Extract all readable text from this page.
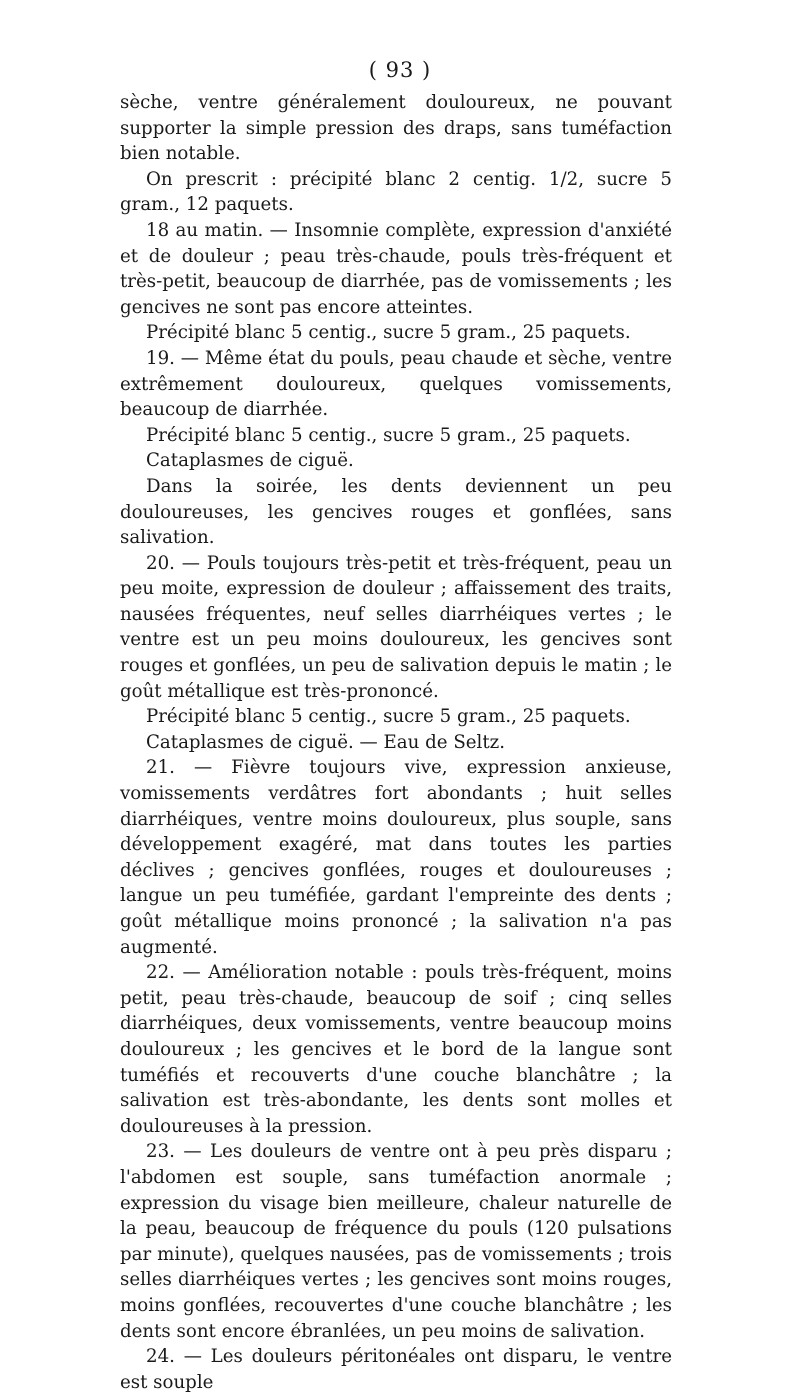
( 93 )

sèche, ventre généralement douloureux, ne pouvant supporter la simple pression des draps, sans tuméfaction bien notable.

On prescrit : précipité blanc 2 centig. 1/2, sucre 5 gram., 12 paquets.

18 au matin. — Insomnie complète, expression d'anxiété et de douleur ; peau très-chaude, pouls très-fréquent et très-petit, beaucoup de diarrhée, pas de vomissements ; les gencives ne sont pas encore atteintes.

Précipité blanc 5 centig., sucre 5 gram., 25 paquets.

19. — Même état du pouls, peau chaude et sèche, ventre extrêmement douloureux, quelques vomissements, beaucoup de diarrhée.

Précipité blanc 5 centig., sucre 5 gram., 25 paquets.

Cataplasmes de ciguë.

Dans la soirée, les dents deviennent un peu douloureuses, les gencives rouges et gonflées, sans salivation.

20. — Pouls toujours très-petit et très-fréquent, peau un peu moite, expression de douleur ; affaissement des traits, nausées fréquentes, neuf selles diarrhéiques vertes ; le ventre est un peu moins douloureux, les gencives sont rouges et gonflées, un peu de salivation depuis le matin ; le goût métallique est très-prononcé.

Précipité blanc 5 centig., sucre 5 gram., 25 paquets.

Cataplasmes de ciguë. — Eau de Seltz.

21. — Fièvre toujours vive, expression anxieuse, vomissements verdâtres fort abondants ; huit selles diarrhéiques, ventre moins douloureux, plus souple, sans développement exagéré, mat dans toutes les parties déclives ; gencives gonflées, rouges et douloureuses ; langue un peu tuméfiée, gardant l'empreinte des dents ; goût métallique moins prononcé ; la salivation n'a pas augmenté.

22. — Amélioration notable : pouls très-fréquent, moins petit, peau très-chaude, beaucoup de soif ; cinq selles diarrhéiques, deux vomissements, ventre beaucoup moins douloureux ; les gencives et le bord de la langue sont tuméfiés et recouverts d'une couche blanchâtre ; la salivation est très-abondante, les dents sont molles et douloureuses à la pression.

23. — Les douleurs de ventre ont à peu près disparu ; l'abdomen est souple, sans tuméfaction anormale ; expression du visage bien meilleure, chaleur naturelle de la peau, beaucoup de fréquence du pouls (120 pulsations par minute), quelques nausées, pas de vomissements ; trois selles diarrhéiques vertes ; les gencives sont moins rouges, moins gonflées, recouvertes d'une couche blanchâtre ; les dents sont encore ébranlées, un peu moins de salivation.

24. — Les douleurs péritonéales ont disparu, le ventre est souple
